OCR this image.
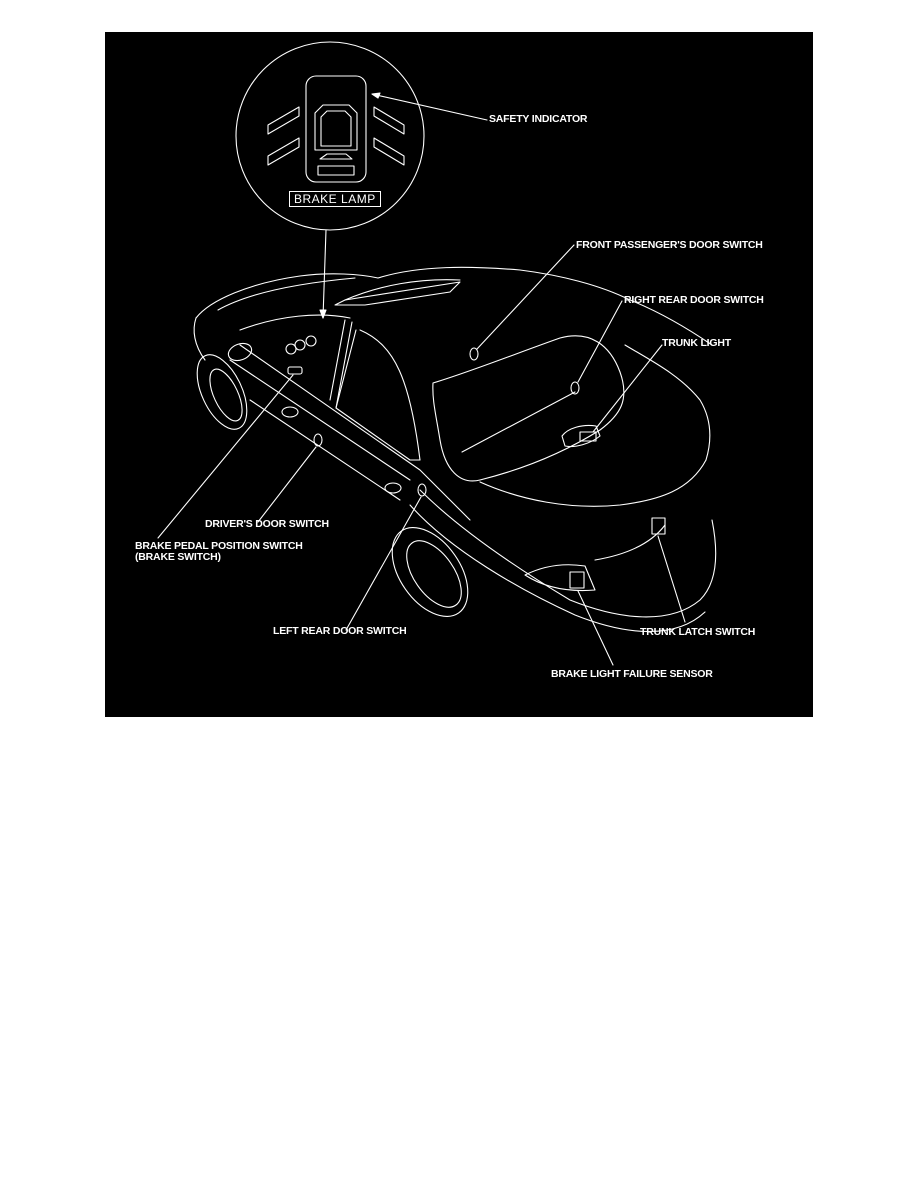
BRAKE LAMP
SAFETY INDICATOR
FRONT PASSENGER'S DOOR SWITCH
RIGHT REAR DOOR SWITCH
TRUNK LIGHT
DRIVER'S DOOR SWITCH
BRAKE PEDAL POSITION SWITCH
(BRAKE SWITCH)
LEFT REAR DOOR SWITCH	TRUNK LATCH SWITCH
BRAKE LIGHT FAILURE SENSOR
